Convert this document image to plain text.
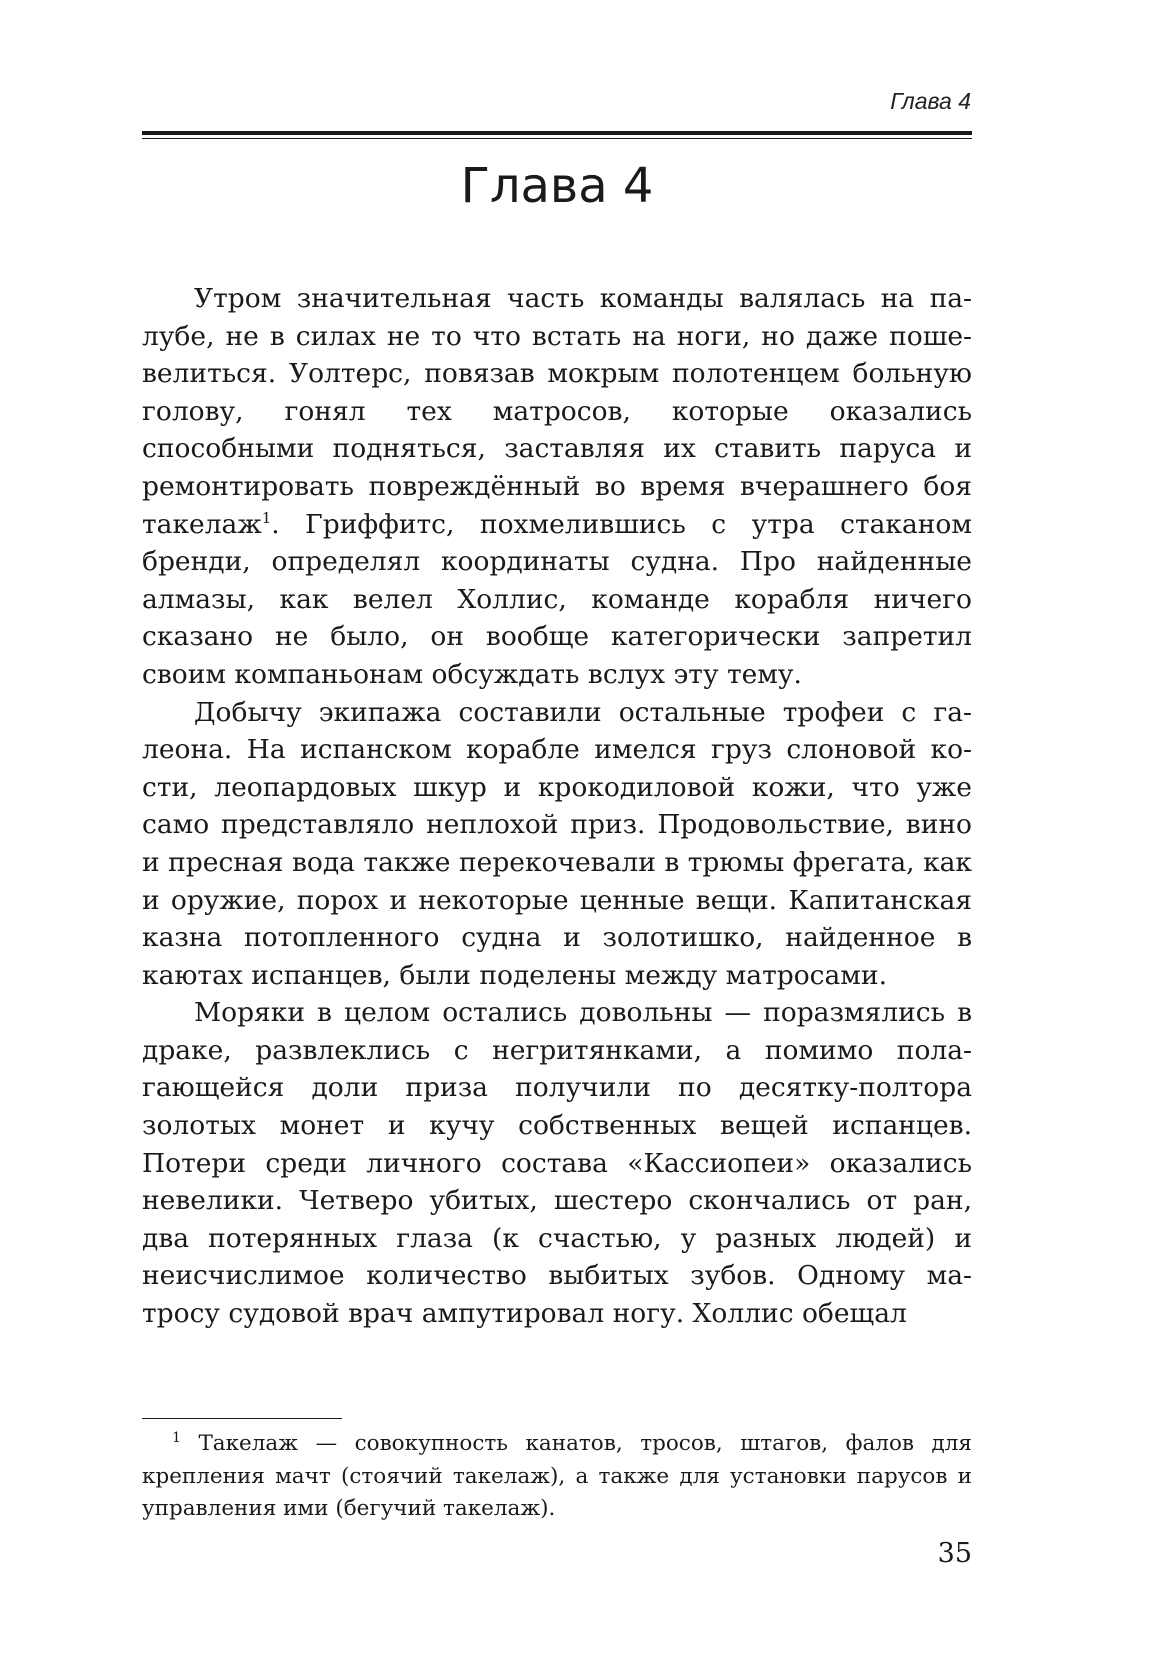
Глава 4

Глава 4

Утром значительная часть команды валялась на палубе, не в силах не то что встать на ноги, но даже пошевелиться. Уолтерс, повязав мокрым полотенцем больную голову, гонял тех матросов, которые оказались способными подняться, заставляя их ставить паруса и ремонтировать повреждённый во время вчерашнего боя такелаж$^1$. Гриффитс, похмелившись с утра стаканом бренди, определял координаты судна. Про найденные алмазы, как велел Холлис, команде корабля ничего сказано не было, он вообще категорически запретил своим компаньонам обсуждать вслух эту тему.

Добычу экипажа составили остальные трофеи с галеона. На испанском корабле имелся груз слоновой кости, леопардовых шкур и крокодиловой кожи, что уже само представляло неплохой приз. Продовольствие, вино и пресная вода также перекочевали в трюмы фрегата, как и оружие, порох и некоторые ценные вещи. Капитанская казна потопленного судна и золотишко, найденное в каютах испанцев, были поделены между матросами.

Моряки в целом остались довольны — поразмялись в драке, развлеклись с негритянками, а помимо полагающейся доли приза получили по десятку-полтора золотых монет и кучу собственных вещей испанцев. Потери среди личного состава «Кассиопеи» оказались невелики. Четверо убитых, шестеро скончались от ран, два потерянных глаза (к счастью, у разных людей) и неисчислимое количество выбитых зубов. Одному матросу судовой врач ампутировал ногу. Холлис обещал

$^1$ Такелаж — совокупность канатов, тросов, штагов, фалов для крепления мачт (стоячий такелаж), а также для установки парусов и управления ими (бегучий такелаж).

35
